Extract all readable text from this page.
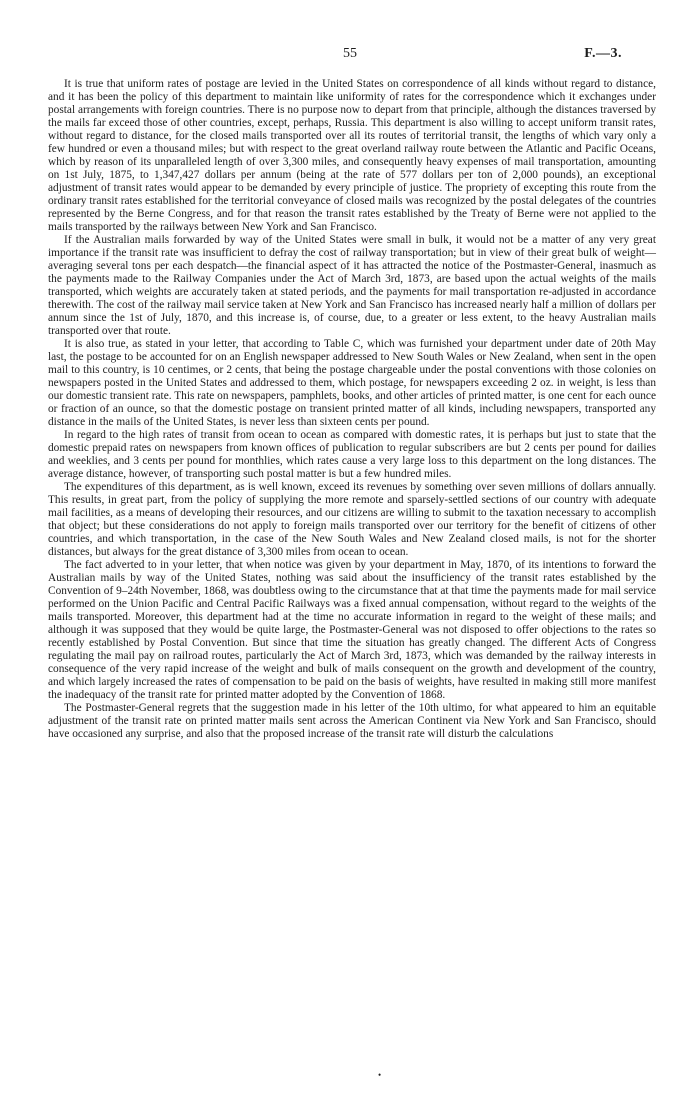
55	F.—3.

It is true that uniform rates of postage are levied in the United States on correspondence of all kinds without regard to distance, and it has been the policy of this department to maintain like uniformity of rates for the correspondence which it exchanges under postal arrangements with foreign countries. There is no purpose now to depart from that principle, although the distances traversed by the mails far exceed those of other countries, except, perhaps, Russia. This department is also willing to accept uniform transit rates, without regard to distance, for the closed mails transported over all its routes of territorial transit, the lengths of which vary only a few hundred or even a thousand miles; but with respect to the great overland railway route between the Atlantic and Pacific Oceans, which by reason of its unparalleled length of over 3,300 miles, and consequently heavy expenses of mail transportation, amounting on 1st July, 1875, to 1,347,427 dollars per annum (being at the rate of 577 dollars per ton of 2,000 pounds), an exceptional adjustment of transit rates would appear to be demanded by every principle of justice. The propriety of excepting this route from the ordinary transit rates established for the territorial conveyance of closed mails was recognized by the postal delegates of the countries represented by the Berne Congress, and for that reason the transit rates established by the Treaty of Berne were not applied to the mails transported by the railways between New York and San Francisco.

If the Australian mails forwarded by way of the United States were small in bulk, it would not be a matter of any very great importance if the transit rate was insufficient to defray the cost of railway transportation; but in view of their great bulk of weight—averaging several tons per each despatch—the financial aspect of it has attracted the notice of the Postmaster-General, inasmuch as the payments made to the Railway Companies under the Act of March 3rd, 1873, are based upon the actual weights of the mails transported, which weights are accurately taken at stated periods, and the payments for mail transportation re-adjusted in accordance therewith. The cost of the railway mail service taken at New York and San Francisco has increased nearly half a million of dollars per annum since the 1st of July, 1870, and this increase is, of course, due, to a greater or less extent, to the heavy Australian mails transported over that route.

It is also true, as stated in your letter, that according to Table C, which was furnished your department under date of 20th May last, the postage to be accounted for on an English newspaper addressed to New South Wales or New Zealand, when sent in the open mail to this country, is 10 centimes, or 2 cents, that being the postage chargeable under the postal conventions with those colonies on newspapers posted in the United States and addressed to them, which postage, for newspapers exceeding 2 oz. in weight, is less than our domestic transient rate. This rate on newspapers, pamphlets, books, and other articles of printed matter, is one cent for each ounce or fraction of an ounce, so that the domestic postage on transient printed matter of all kinds, including newspapers, transported any distance in the mails of the United States, is never less than sixteen cents per pound.

In regard to the high rates of transit from ocean to ocean as compared with domestic rates, it is perhaps but just to state that the domestic prepaid rates on newspapers from known offices of publication to regular subscribers are but 2 cents per pound for dailies and weeklies, and 3 cents per pound for monthlies, which rates cause a very large loss to this department on the long distances. The average distance, however, of transporting such postal matter is but a few hundred miles.

The expenditures of this department, as is well known, exceed its revenues by something over seven millions of dollars annually. This results, in great part, from the policy of supplying the more remote and sparsely-settled sections of our country with adequate mail facilities, as a means of developing their resources, and our citizens are willing to submit to the taxation necessary to accomplish that object; but these considerations do not apply to foreign mails transported over our territory for the benefit of citizens of other countries, and which transportation, in the case of the New South Wales and New Zealand closed mails, is not for the shorter distances, but always for the great distance of 3,300 miles from ocean to ocean.

The fact adverted to in your letter, that when notice was given by your department in May, 1870, of its intentions to forward the Australian mails by way of the United States, nothing was said about the insufficiency of the transit rates established by the Convention of 9–24th November, 1868, was doubtless owing to the circumstance that at that time the payments made for mail service performed on the Union Pacific and Central Pacific Railways was a fixed annual compensation, without regard to the weights of the mails transported. Moreover, this department had at the time no accurate information in regard to the weight of these mails; and although it was supposed that they would be quite large, the Postmaster-General was not disposed to offer objections to the rates so recently established by Postal Convention. But since that time the situation has greatly changed. The different Acts of Congress regulating the mail pay on railroad routes, particularly the Act of March 3rd, 1873, which was demanded by the railway interests in consequence of the very rapid increase of the weight and bulk of mails consequent on the growth and development of the country, and which largely increased the rates of compensation to be paid on the basis of weights, have resulted in making still more manifest the inadequacy of the transit rate for printed matter adopted by the Convention of 1868.

The Postmaster-General regrets that the suggestion made in his letter of the 10th ultimo, for what appeared to him an equitable adjustment of the transit rate on printed matter mails sent across the American Continent via New York and San Francisco, should have occasioned any surprise, and also that the proposed increase of the transit rate will disturb the calculations

•
